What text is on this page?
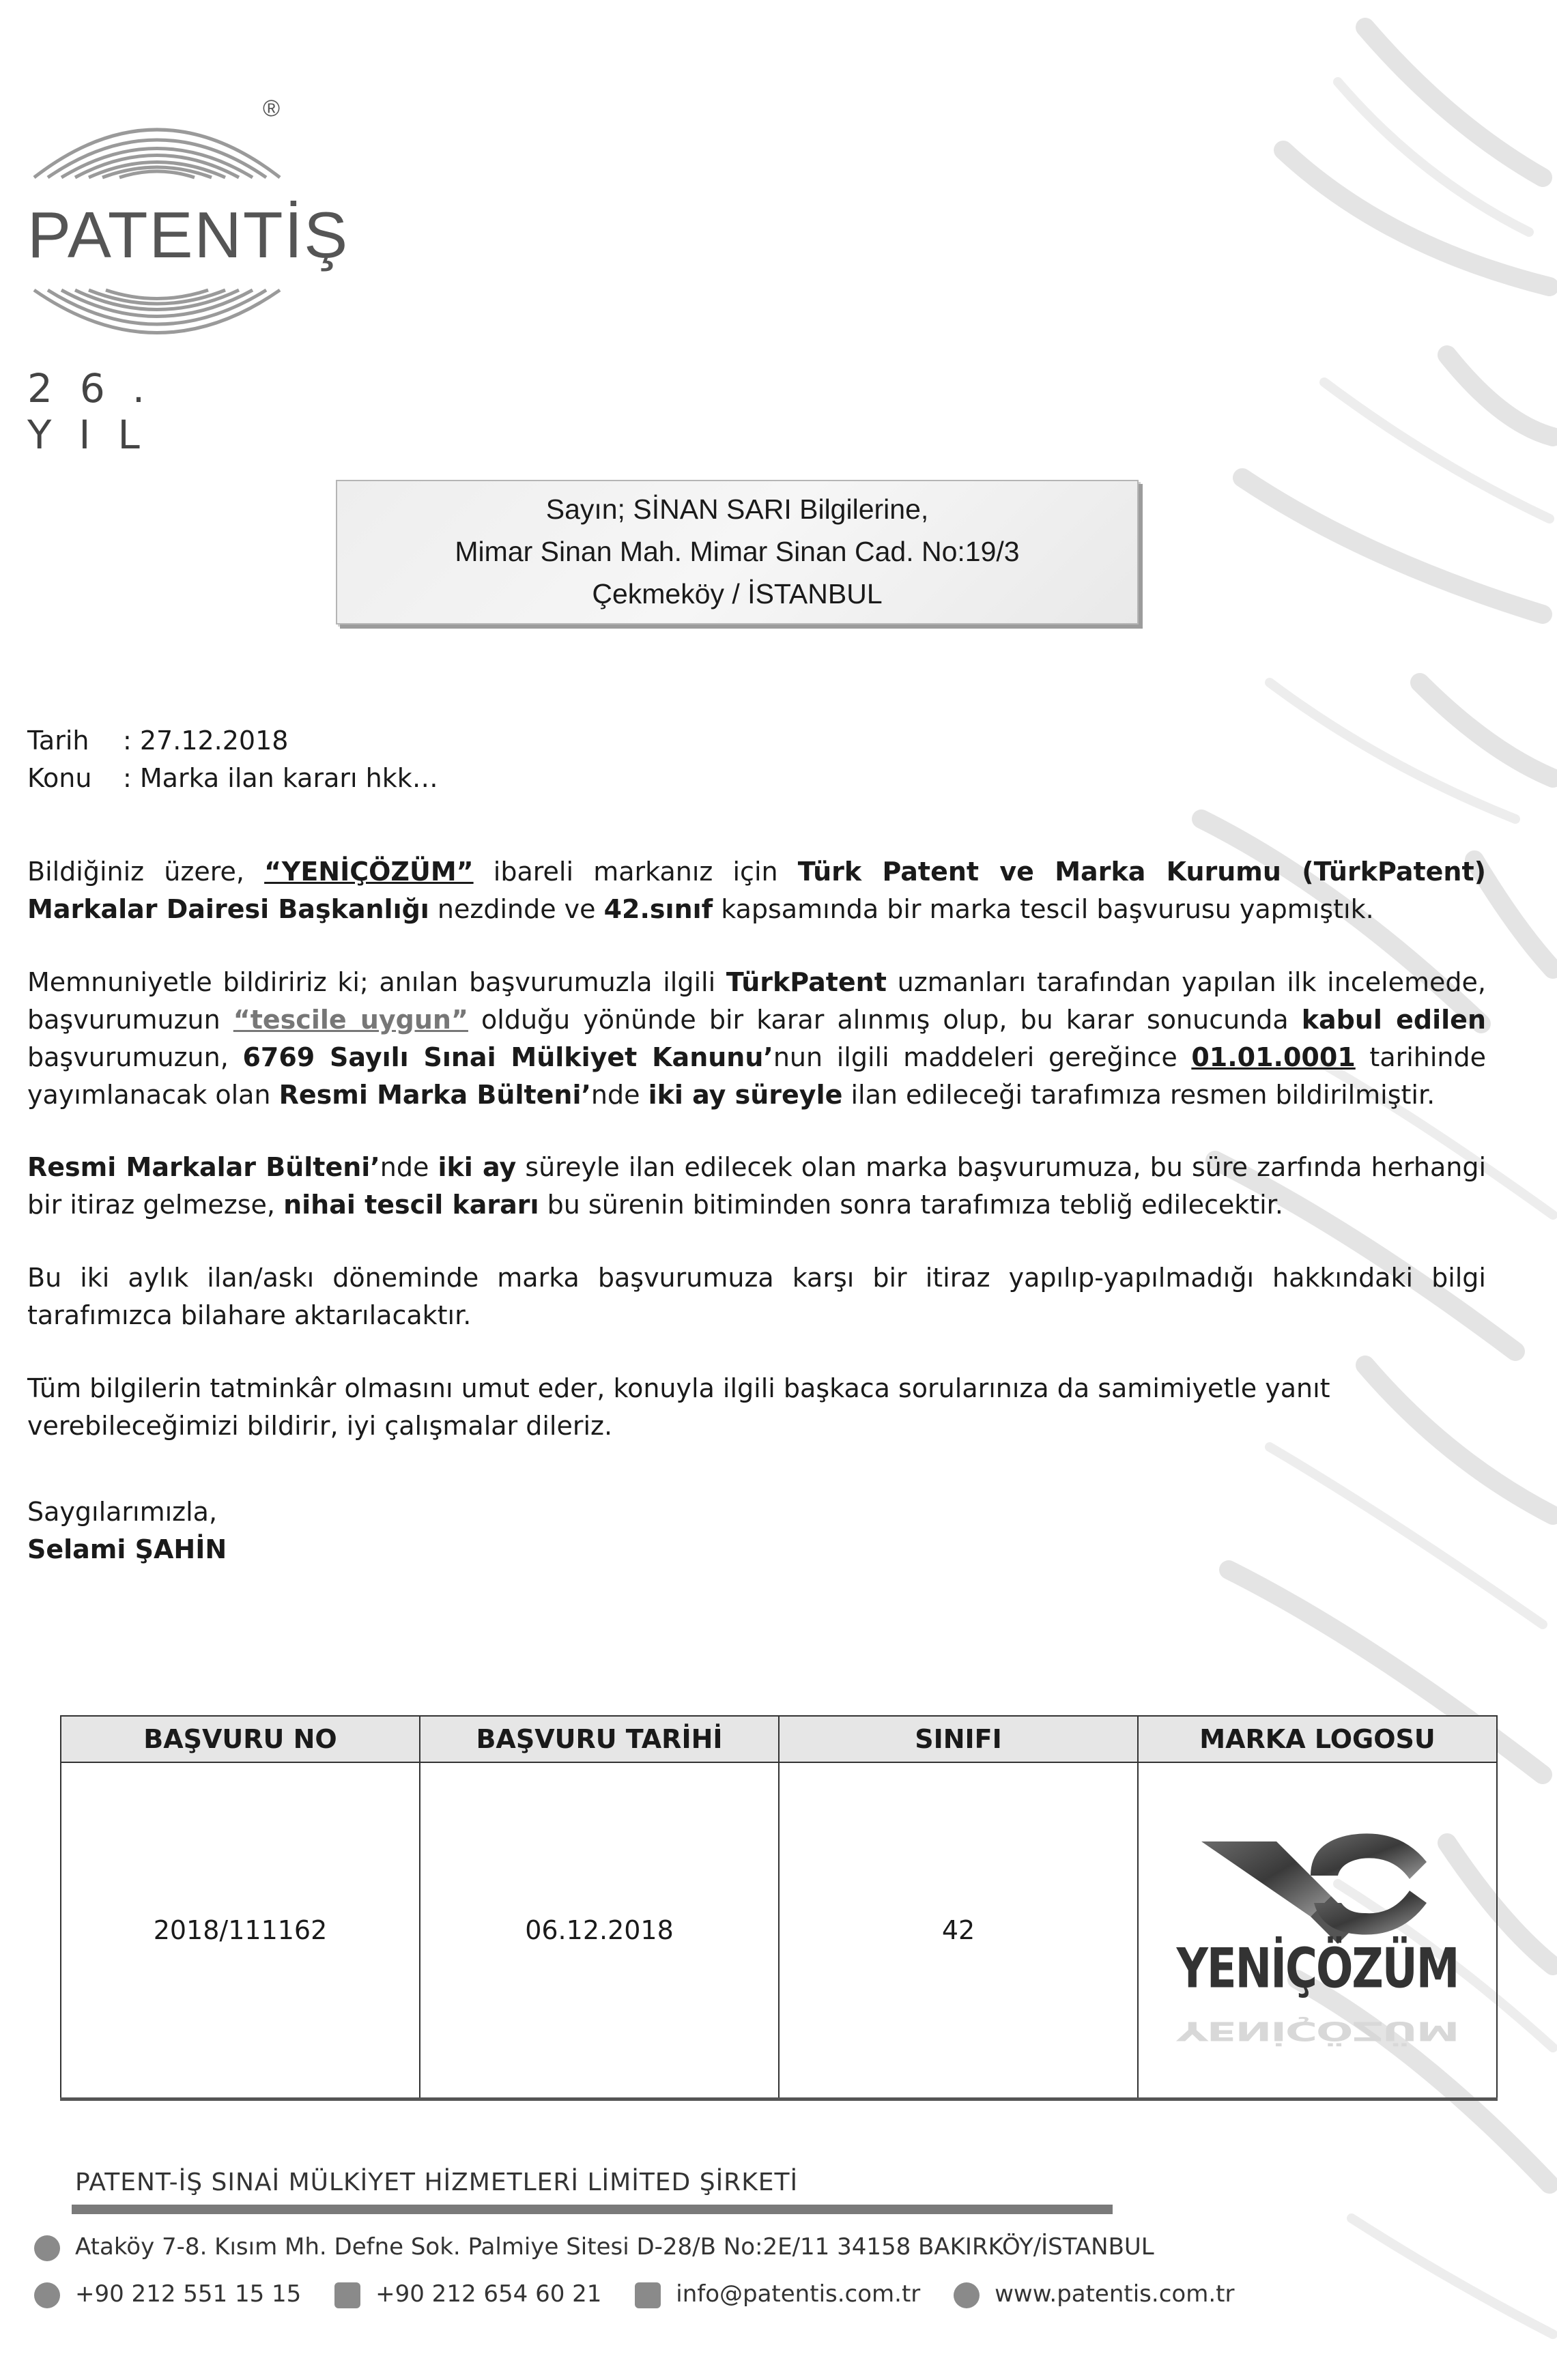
®
PATENTİŞ
26. YIL
Sayın; SİNAN SARI Bilgilerine,
Mimar Sinan Mah. Mimar Sinan Cad. No:19/3
Çekmeköy / İSTANBUL
Tarih : 27.12.2018
Konu : Marka ilan kararı hkk…
Bildiğiniz üzere, “YENİÇÖZÜM” ibareli markanız için Türk Patent ve Marka Kurumu (TürkPatent) Markalar Dairesi Başkanlığı nezdinde ve 42.sınıf kapsamında bir marka tescil başvurusu yapmıştık.
Memnuniyetle bildiririz ki; anılan başvurumuzla ilgili TürkPatent uzmanları tarafından yapılan ilk incelemede, başvurumuzun “tescile uygun” olduğu yönünde bir karar alınmış olup, bu karar sonucunda kabul edilen başvurumuzun, 6769 Sayılı Sınai Mülkiyet Kanunu’nun ilgili maddeleri gereğince 01.01.0001 tarihinde yayımlanacak olan Resmi Marka Bülteni’nde iki ay süreyle ilan edileceği tarafımıza resmen bildirilmiştir.
Resmi Markalar Bülteni’nde iki ay süreyle ilan edilecek olan marka başvurumuza, bu süre zarfında herhangi bir itiraz gelmezse, nihai tescil kararı bu sürenin bitiminden sonra tarafımıza tebliğ edilecektir.
Bu iki aylık ilan/askı döneminde marka başvurumuza karşı bir itiraz yapılıp-yapılmadığı hakkındaki bilgi tarafımızca bilahare aktarılacaktır.
Tüm bilgilerin tatminkâr olmasını umut eder, konuyla ilgili başkaca sorularınıza da samimiyetle yanıt verebileceğimizi bildirir, iyi çalışmalar dileriz.
Saygılarımızla,
Selami ŞAHİN
BAŞVURU NO	BAŞVURU TARİHİ	SINIFI	MARKA LOGOSU
2018/111162	06.12.2018	42	YENİÇÖZÜM
YENİÇÖZÜM
PATENT-İŞ SINAİ MÜLKİYET HİZMETLERİ LİMİTED ŞİRKETİ
Ataköy 7-8. Kısım Mh. Defne Sok. Palmiye Sitesi D-28/B No:2E/11 34158 BAKIRKÖY/İSTANBUL
+90 212 551 15 15	+90 212 654 60 21	info@patentis.com.tr	www.patentis.com.tr
